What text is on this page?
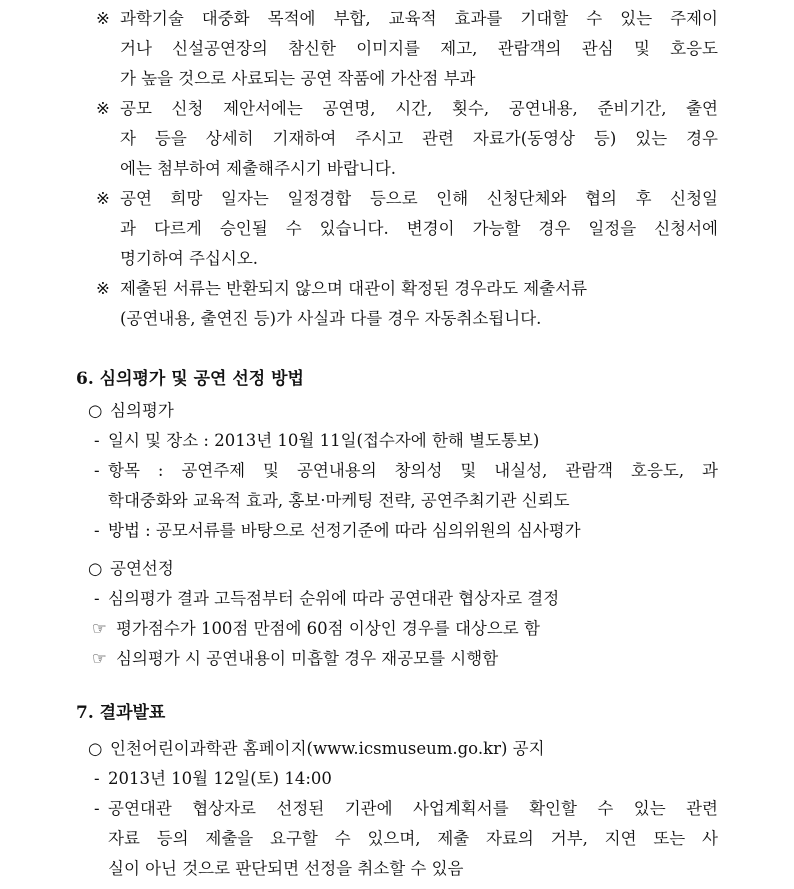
※ 과학기술 대중화 목적에 부합, 교육적 효과를 기대할 수 있는 주제이
거나 신설공연장의 참신한 이미지를 제고, 관람객의 관심 및 호응도
가 높을 것으로 사료되는 공연 작품에 가산점 부과
※ 공모 신청 제안서에는 공연명, 시간, 횟수, 공연내용, 준비기간, 출연
자 등을 상세히 기재하여 주시고 관련 자료가(동영상 등) 있는 경우
에는 첨부하여 제출해주시기 바랍니다.
※ 공연 희망 일자는 일정경합 등으로 인해 신청단체와 협의 후 신청일
과 다르게 승인될 수 있습니다. 변경이 가능할 경우 일정을 신청서에
명기하여 주십시오.
※ 제출된 서류는 반환되지 않으며 대관이 확정된 경우라도 제출서류
(공연내용, 출연진 등)가 사실과 다를 경우 자동취소됩니다.
6. 심의평가 및 공연 선정 방법
○ 심의평가
- 일시 및 장소 : 2013년 10월 11일(접수자에 한해 별도통보)
- 항목 : 공연주제 및 공연내용의 창의성 및 내실성, 관람객 호응도, 과
학대중화와 교육적 효과, 홍보·마케팅 전략, 공연주최기관 신뢰도
- 방법 : 공모서류를 바탕으로 선정기준에 따라 심의위원의 심사평가
○ 공연선정
- 심의평가 결과 고득점부터 순위에 따라 공연대관 협상자로 결정
☞ 평가점수가 100점 만점에 60점 이상인 경우를 대상으로 함
☞ 심의평가 시 공연내용이 미흡할 경우 재공모를 시행함
7. 결과발표
○ 인천어린이과학관 홈페이지(www.icsmuseum.go.kr) 공지
- 2013년 10월 12일(토) 14:00
- 공연대관 협상자로 선정된 기관에 사업계획서를 확인할 수 있는 관련
자료 등의 제출을 요구할 수 있으며, 제출 자료의 거부, 지연 또는 사
실이 아닌 것으로 판단되면 선정을 취소할 수 있음
